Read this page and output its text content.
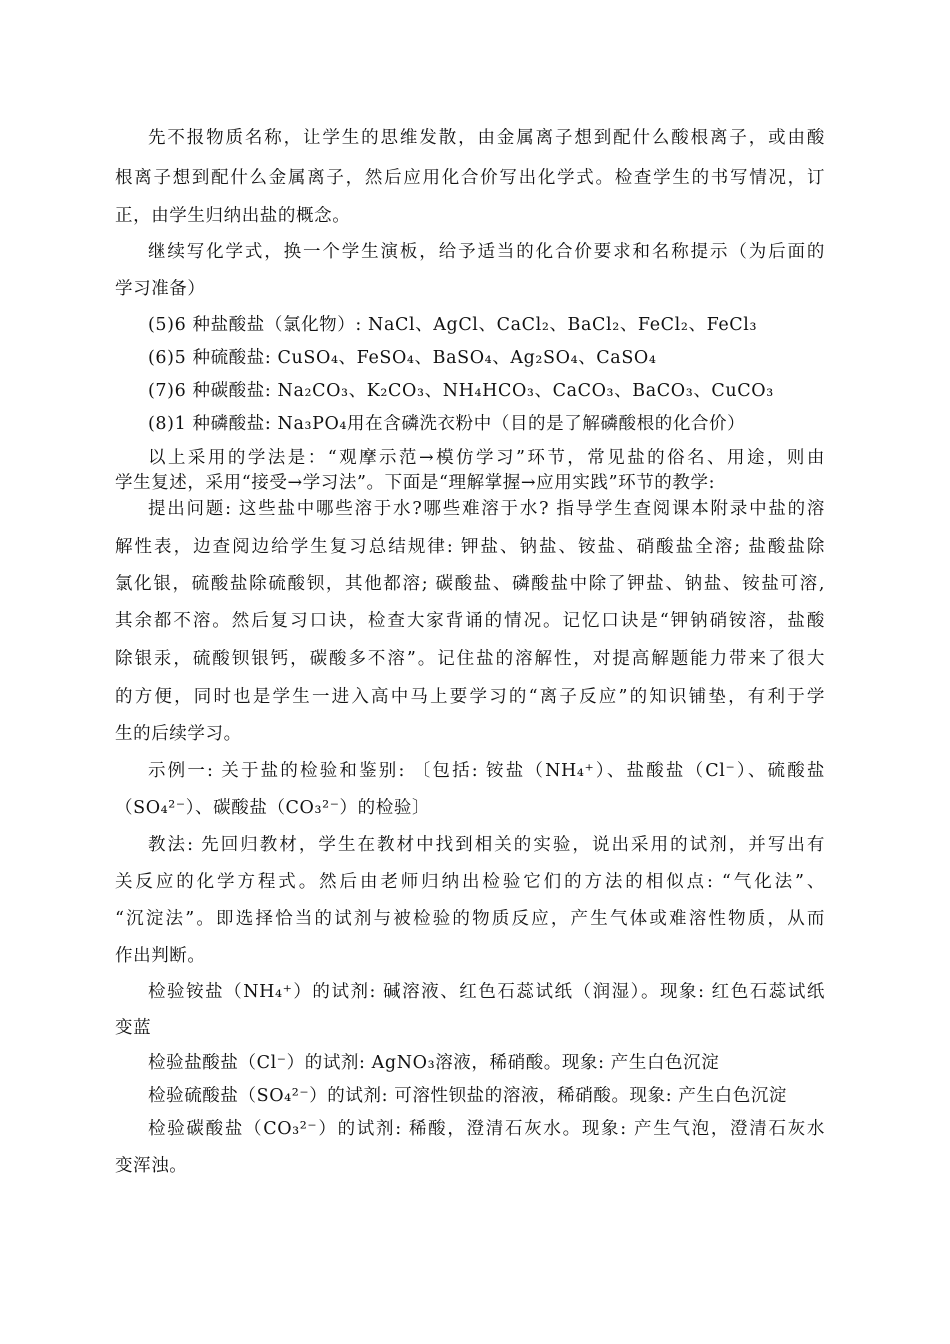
先不报物质名称，让学生的思维发散，由金属离子想到配什么酸根离子，或由酸
根离子想到配什么金属离子，然后应用化合价写出化学式。检查学生的书写情况，订
正，由学生归纳出盐的概念。
继续写化学式，换一个学生演板，给予适当的化合价要求和名称提示（为后面的
学习准备）
(5)6 种盐酸盐（氯化物）: NaCl、AgCl、CaCl₂、BaCl₂、FeCl₂、FeCl₃
(6)5 种硫酸盐: CuSO₄、FeSO₄、BaSO₄、Ag₂SO₄、CaSO₄
(7)6 种碳酸盐: Na₂CO₃、K₂CO₃、NH₄HCO₃、CaCO₃、BaCO₃、CuCO₃
(8)1 种磷酸盐: Na₃PO₄用在含磷洗衣粉中（目的是了解磷酸根的化合价）
以上采用的学法是：“观摩示范→模仿学习”环节，常见盐的俗名、用途，则由
学生复述，采用“接受→学习法”。下面是“理解掌握→应用实践”环节的教学:
提出问题: 这些盐中哪些溶于水?哪些难溶于水? 指导学生查阅课本附录中盐的溶
解性表，边查阅边给学生复习总结规律: 钾盐、钠盐、铵盐、硝酸盐全溶; 盐酸盐除
氯化银，硫酸盐除硫酸钡，其他都溶; 碳酸盐、磷酸盐中除了钾盐、钠盐、铵盐可溶,
其余都不溶。然后复习口诀，检查大家背诵的情况。记忆口诀是“钾钠硝铵溶，盐酸
除银汞，硫酸钡银钙，碳酸多不溶”。记住盐的溶解性，对提高解题能力带来了很大
的方便，同时也是学生一进入高中马上要学习的“离子反应”的知识铺垫，有利于学
生的后续学习。
示例一: 关于盐的检验和鉴别: 〔包括: 铵盐（NH₄⁺）、盐酸盐（Cl⁻）、硫酸盐
（SO₄²⁻）、碳酸盐（CO₃²⁻）的检验〕
教法: 先回归教材，学生在教材中找到相关的实验，说出采用的试剂，并写出有
关反应的化学方程式。然后由老师归纳出检验它们的方法的相似点: “气化法”、
“沉淀法”。即选择恰当的试剂与被检验的物质反应，产生气体或难溶性物质，从而
作出判断。
检验铵盐（NH₄⁺）的试剂: 碱溶液、红色石蕊试纸（润湿）。现象: 红色石蕊试纸
变蓝
检验盐酸盐（Cl⁻）的试剂: AgNO₃溶液，稀硝酸。现象: 产生白色沉淀
检验硫酸盐（SO₄²⁻）的试剂: 可溶性钡盐的溶液，稀硝酸。现象: 产生白色沉淀
检验碳酸盐（CO₃²⁻）的试剂: 稀酸，澄清石灰水。现象: 产生气泡，澄清石灰水
变浑浊。
